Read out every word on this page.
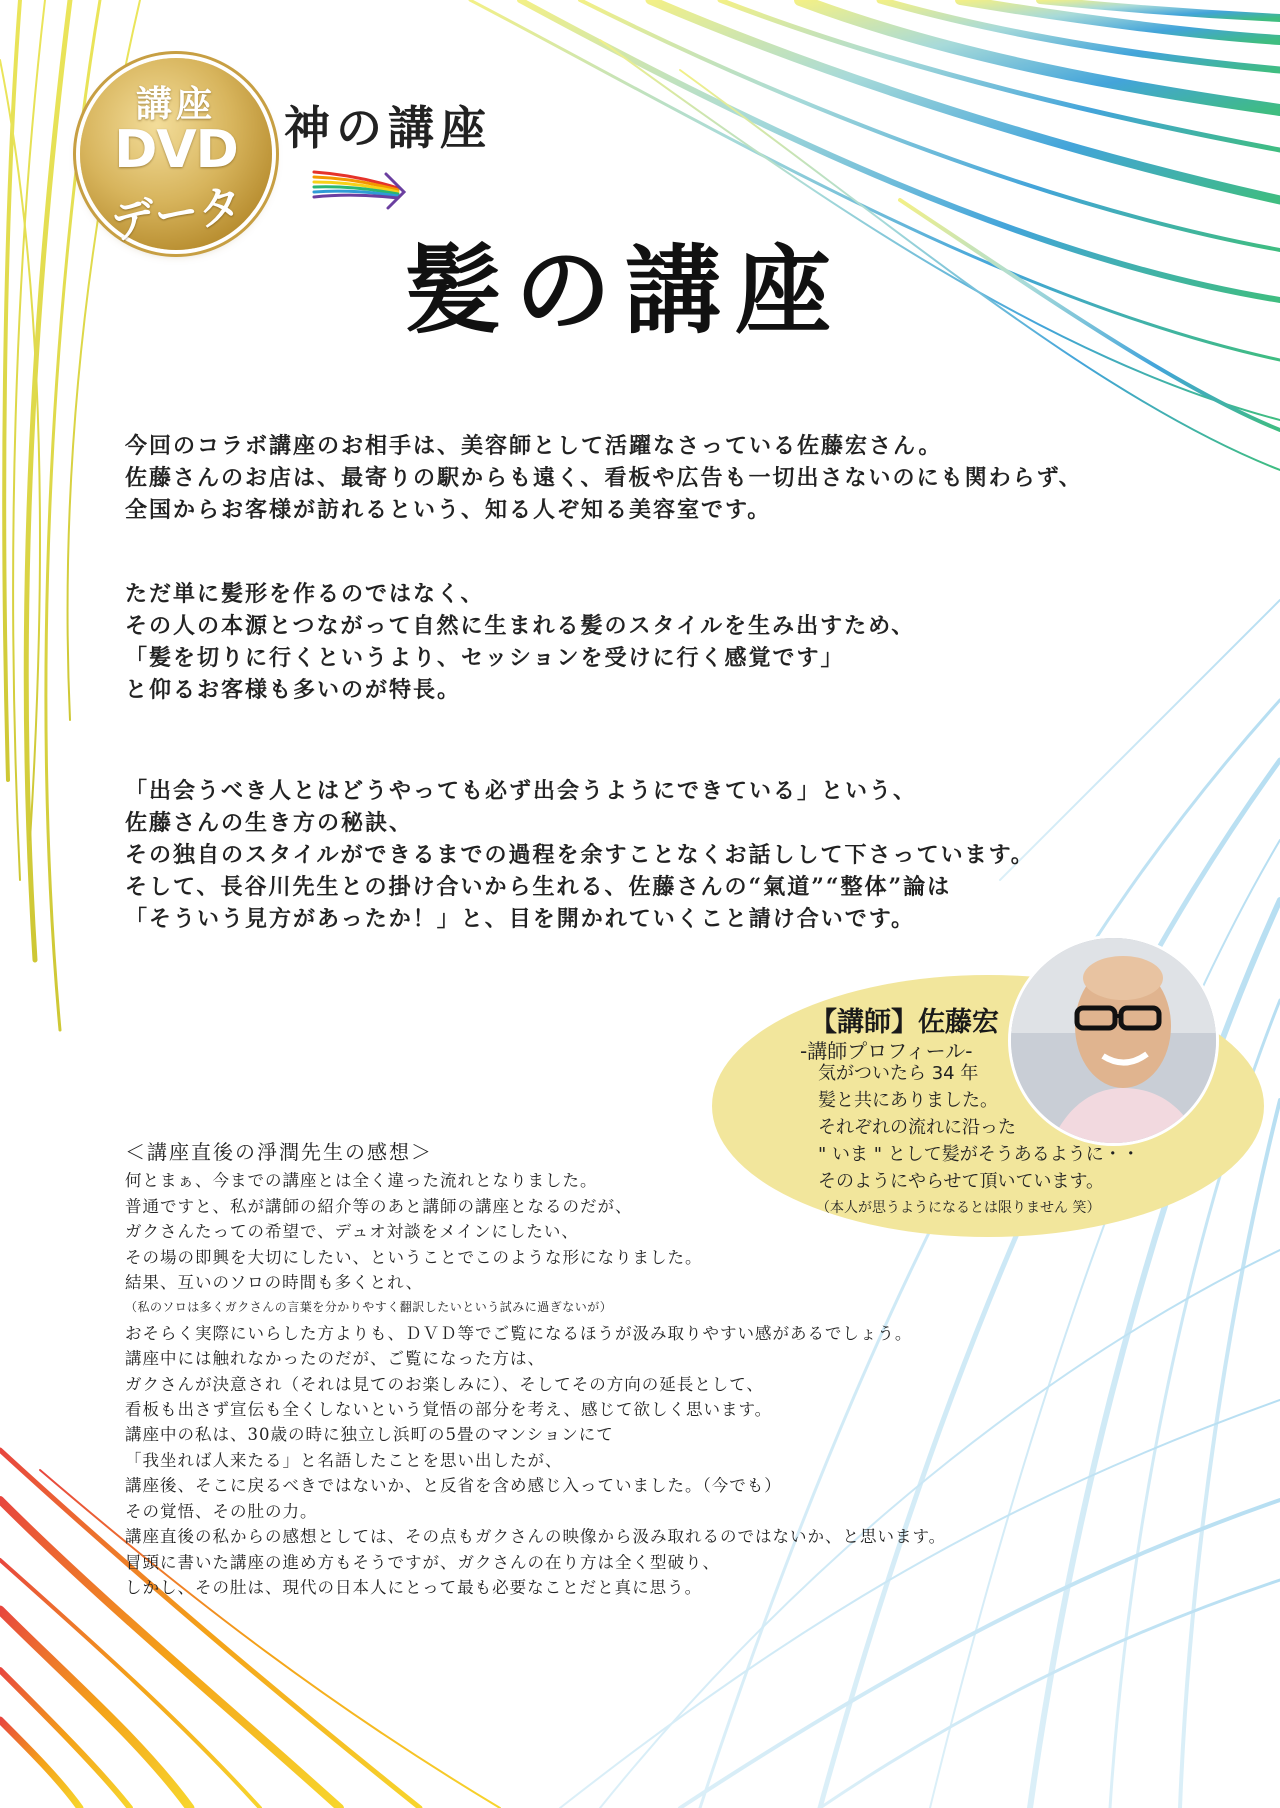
講座
DVD
データ
神の講座
髪の講座
今回のコラボ講座のお相手は、美容師として活躍なさっている佐藤宏さん。
佐藤さんのお店は、最寄りの駅からも遠く、看板や広告も一切出さないのにも関わらず、
全国からお客様が訪れるという、知る人ぞ知る美容室です。
ただ単に髪形を作るのではなく、
その人の本源とつながって自然に生まれる髪のスタイルを生み出すため、
「髪を切りに行くというより、セッションを受けに行く感覚です」
と仰るお客様も多いのが特長。
「出会うべき人とはどうやっても必ず出会うようにできている」という、
佐藤さんの生き方の秘訣、
その独自のスタイルができるまでの過程を余すことなくお話しして下さっています。
そして、長谷川先生との掛け合いから生れる、佐藤さんの“氣道”“整体”論は
「そういう見方があったか！」と、目を開かれていくこと請け合いです。
【講師】佐藤宏
-講師プロフィール-
気がついたら 34 年
髪と共にありました。
それぞれの流れに沿った
" いま " として髪がそうあるように・・
そのようにやらせて頂いています。
（本人が思うようになるとは限りません 笑）
＜講座直後の淨潤先生の感想＞
何とまぁ、今までの講座とは全く違った流れとなりました。
普通ですと、私が講師の紹介等のあと講師の講座となるのだが、
ガクさんたっての希望で、デュオ対談をメインにしたい、
その場の即興を大切にしたい、ということでこのような形になりました。
結果、互いのソロの時間も多くとれ、
（私のソロは多くガクさんの言葉を分かりやすく翻訳したいという試みに過ぎないが）
おそらく実際にいらした方よりも、ＤＶＤ等でご覧になるほうが汲み取りやすい感があるでしょう。
講座中には触れなかったのだが、ご覧になった方は、
ガクさんが決意され（それは見てのお楽しみに）、そしてその方向の延長として、
看板も出さず宣伝も全くしないという覚悟の部分を考え、感じて欲しく思います。
講座中の私は、30歳の時に独立し浜町の5畳のマンションにて
「我坐れば人来たる」と名語したことを思い出したが、
講座後、そこに戻るべきではないか、と反省を含め感じ入っていました。（今でも）
その覚悟、その肚の力。
講座直後の私からの感想としては、その点もガクさんの映像から汲み取れるのではないか、と思います。
冒頭に書いた講座の進め方もそうですが、ガクさんの在り方は全く型破り、
しかし、その肚は、現代の日本人にとって最も必要なことだと真に思う。
